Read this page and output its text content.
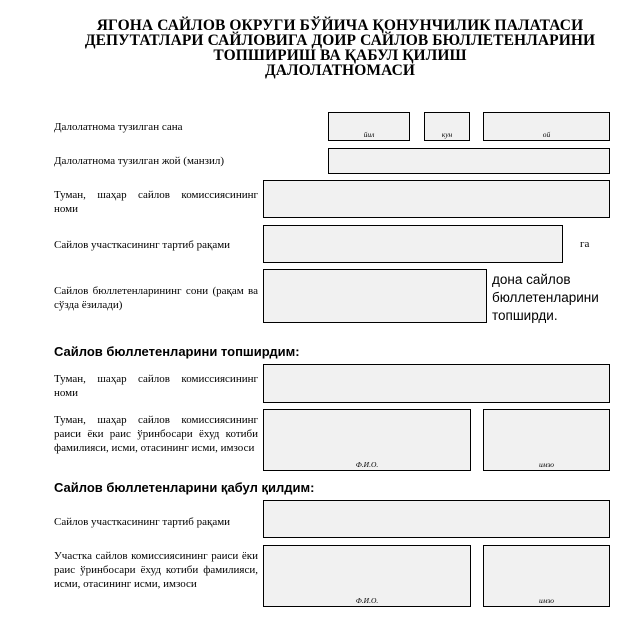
ЯГОНА САЙЛОВ ОКРУГИ БЎЙИЧА ҚОНУНЧИЛИК ПАЛАТАСИ
ДЕПУТАТЛАРИ САЙЛОВИГА ДОИР САЙЛОВ БЮЛЛЕТЕНЛАРИНИ
ТОПШИРИШ ВА ҚАБУЛ ҚИЛИШ
ДАЛОЛАТНОМАСИ
Далолатнома тузилган сана
йил	кун	ой
Далолатнома тузилган жой (манзил)
Туман, шаҳар сайлов комиссиясининг номи
Сайлов участкасининг тартиб рақами	га
Сайлов бюллетенларининг сони (рақам ва сўзда ёзилади)
дона сайлов бюллетенларини топширди.
Сайлов бюллетенларини топширдим:
Туман, шаҳар сайлов комиссиясининг номи
Туман, шаҳар сайлов комиссиясининг раиси ёки раис ўринбосари ёхуд котиби фамилияси, исми, отасининг исми, имзоси
Ф.И.О.	имзо
Сайлов бюллетенларини қабул қилдим:
Сайлов участкасининг тартиб рақами
Участка сайлов комиссиясининг раиси ёки раис ўринбосари ёхуд котиби фамилияси, исми, отасининг исми, имзоси
Ф.И.О.	имзо
